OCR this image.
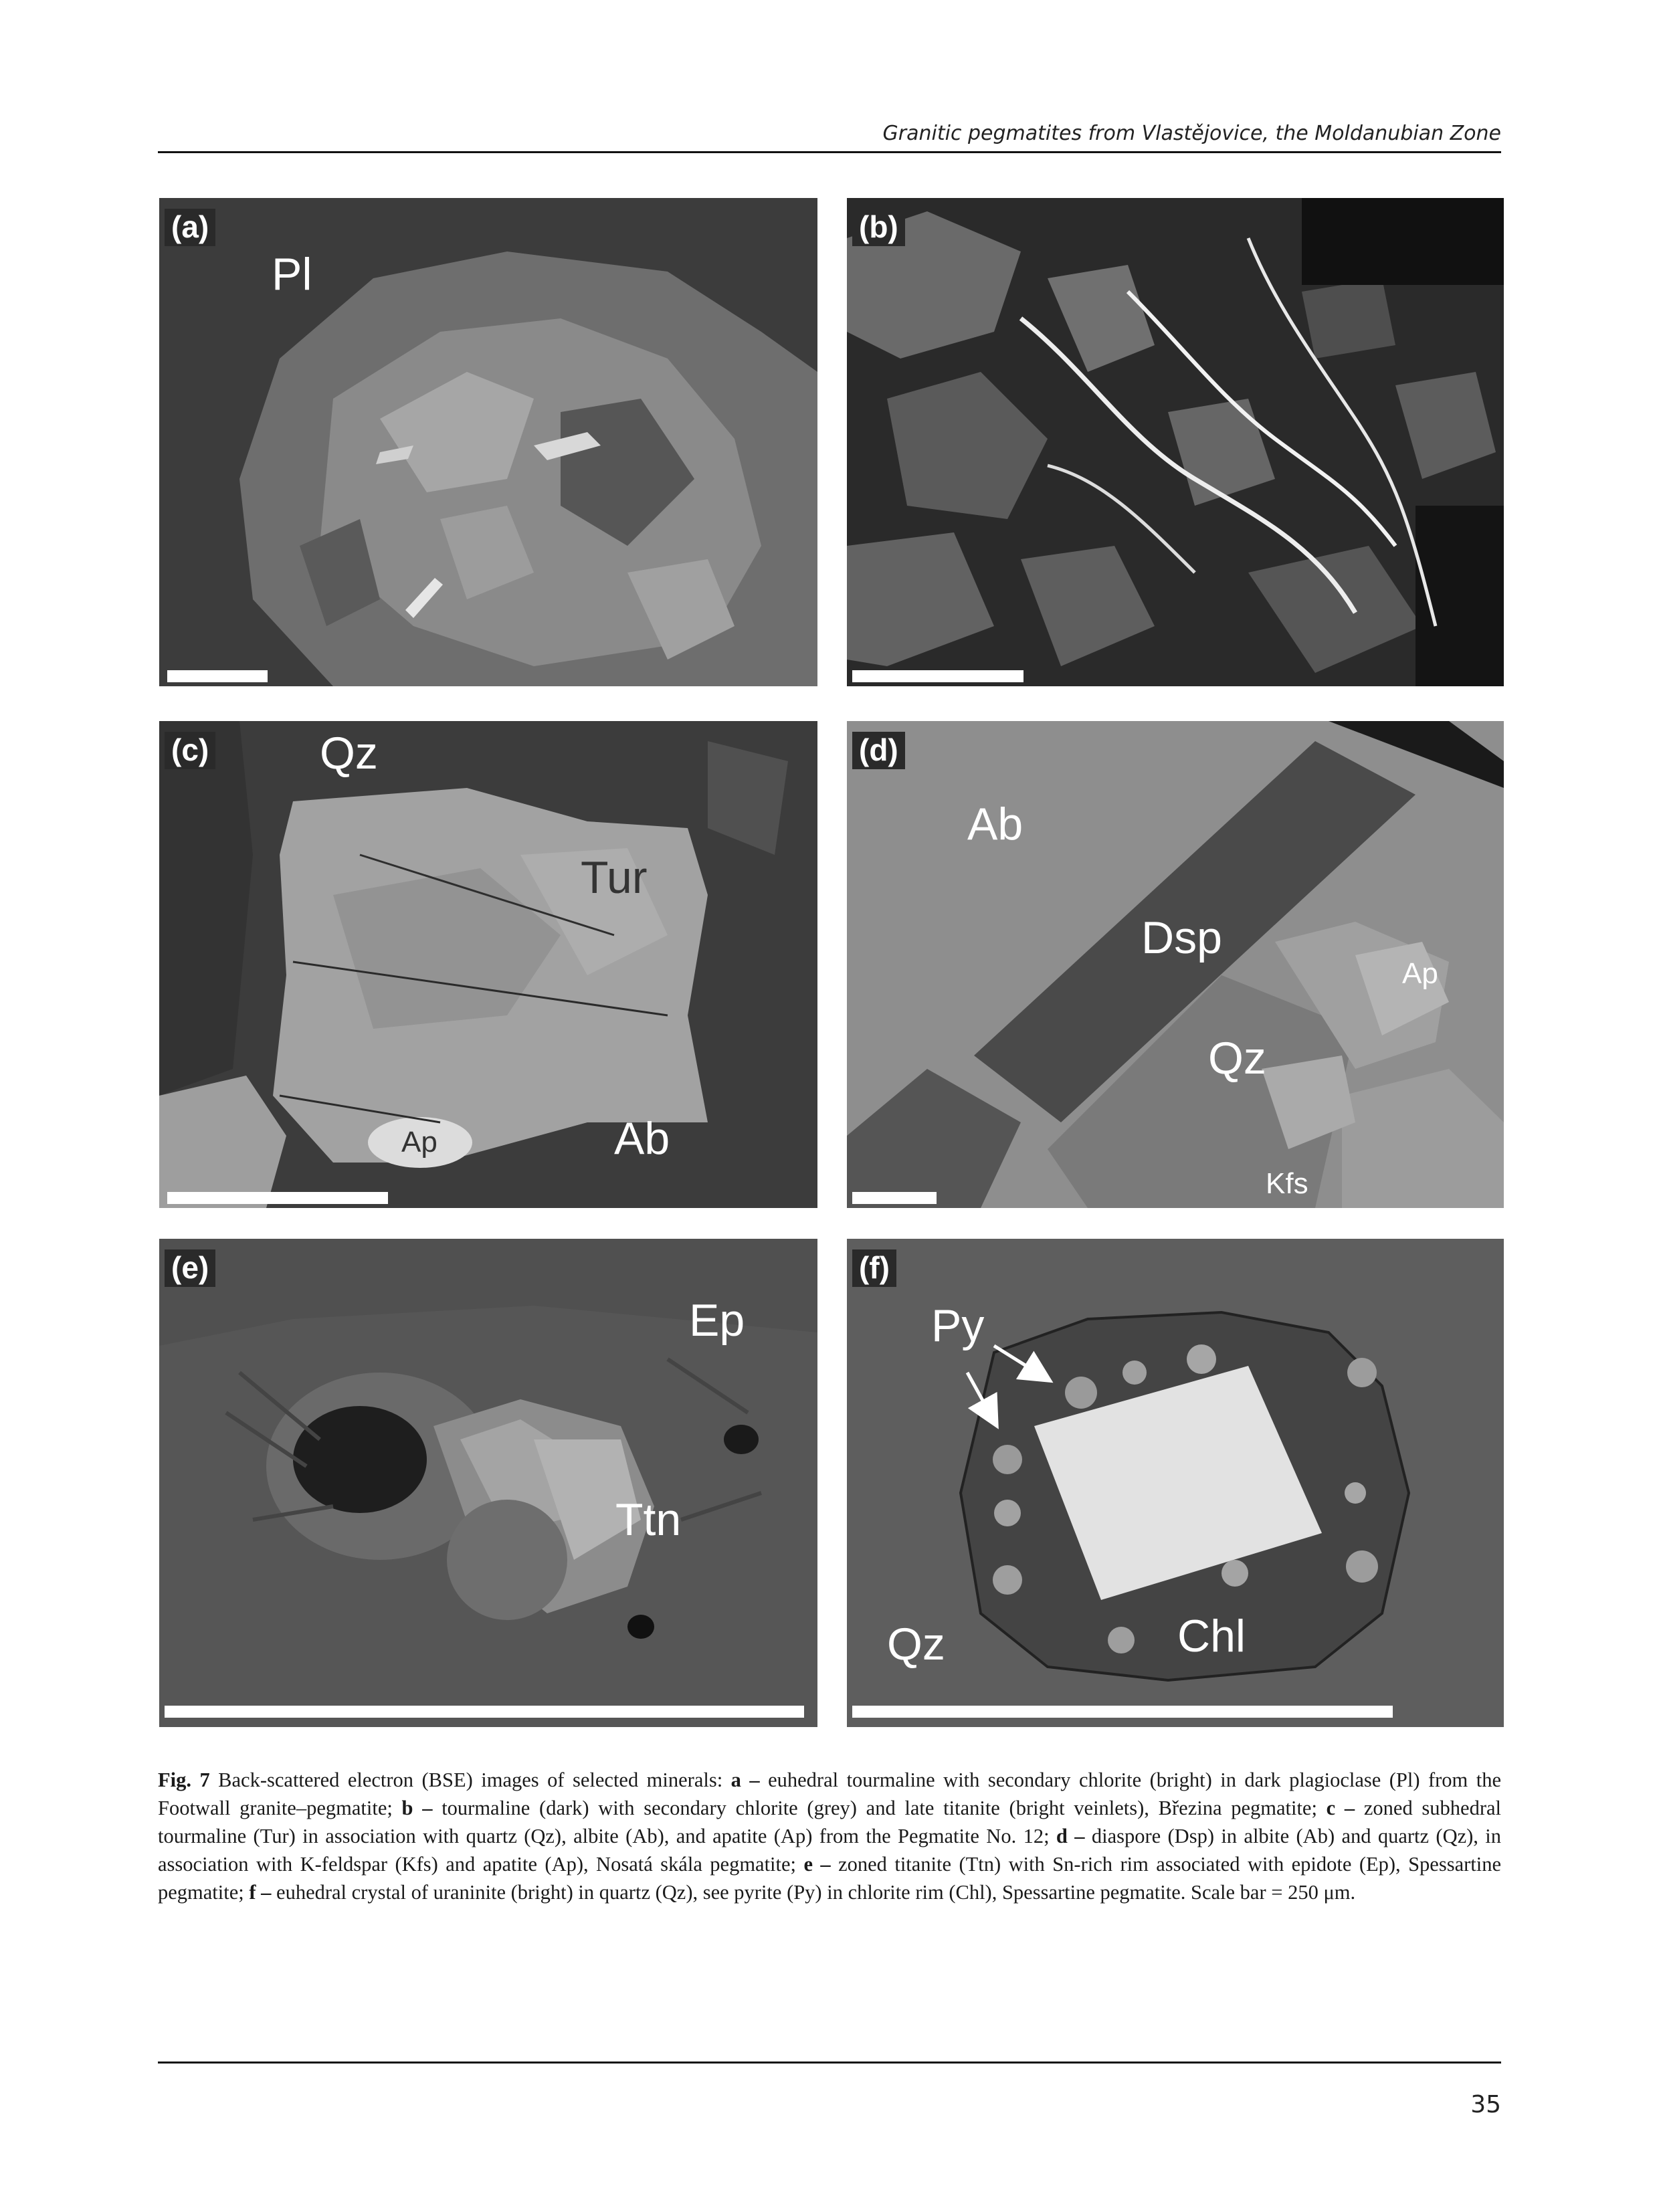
Granitic pegmatites from Vlastějovice, the Moldanubian Zone
(a)
Pl
(b)
(c) Qz
Tur
Ap	Ab
(d)
Ab
Dsp
Ap
Qz
Kfs
(e)
Ep
Ttn
(f)
Py
Qz	Chl
Fig. 7 Back-scattered electron (BSE) images of selected minerals: a – euhedral tourmaline with secondary chlorite (bright) in dark plagioclase (Pl) from the Footwall granite–pegmatite; b – tourmaline (dark) with secondary chlorite (grey) and late titanite (bright veinlets), Březina pegmatite; c – zoned subhedral tourmaline (Tur) in association with quartz (Qz), albite (Ab), and apatite (Ap) from the Pegmatite No. 12; d – diaspore (Dsp) in albite (Ab) and quartz (Qz), in association with K-feldspar (Kfs) and apatite (Ap), Nosatá skála pegmatite; e – zoned titanite (Ttn) with Sn-rich rim associated with epidote (Ep), Spessartine pegmatite; f – euhedral crystal of uraninite (bright) in quartz (Qz), see pyrite (Py) in chlorite rim (Chl), Spessartine pegmatite. Scale bar = 250 μm.
35
